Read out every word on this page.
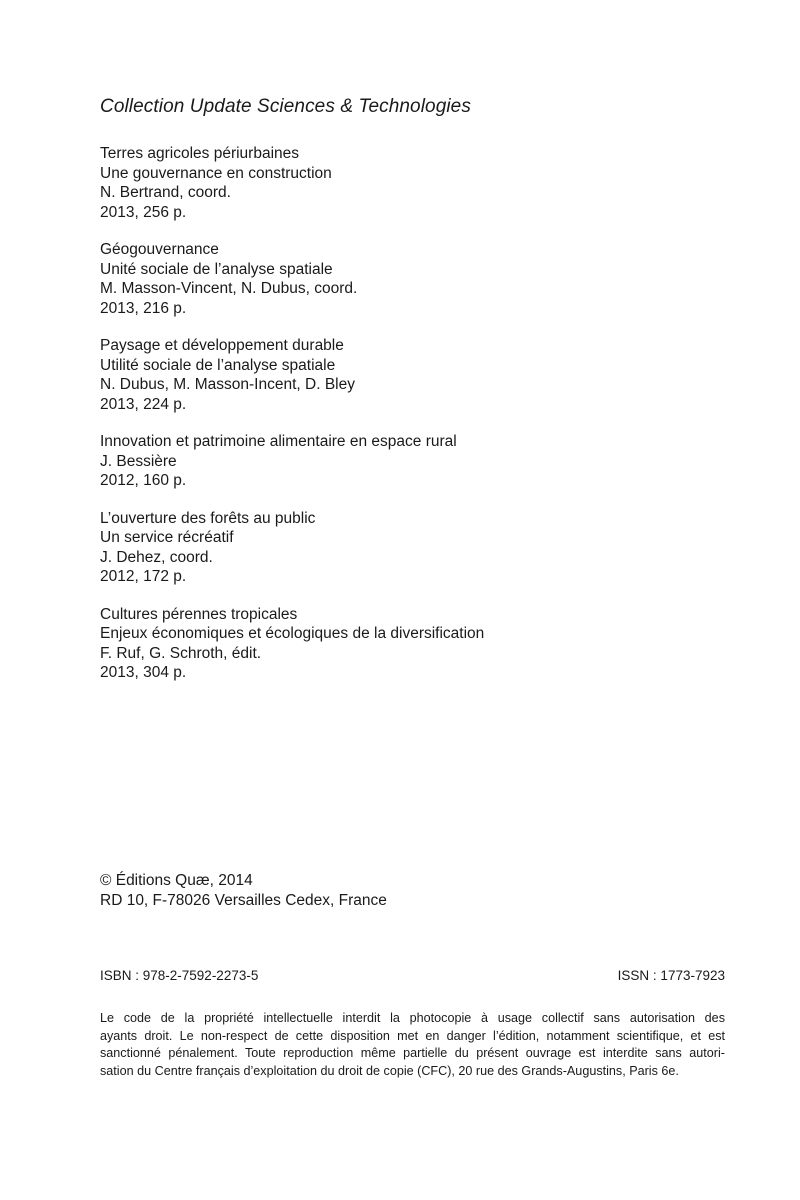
Collection Update Sciences & Technologies
Terres agricoles périurbaines
Une gouvernance en construction
N. Bertrand, coord.
2013, 256 p.
Géogouvernance
Unité sociale de l’analyse spatiale
M. Masson-Vincent, N. Dubus, coord.
2013, 216 p.
Paysage et développement durable
Utilité sociale de l’analyse spatiale
N. Dubus, M. Masson-Incent, D. Bley
2013, 224 p.
Innovation et patrimoine alimentaire en espace rural
J. Bessière
2012, 160 p.
L’ouverture des forêts au public
Un service récréatif
J. Dehez, coord.
2012, 172 p.
Cultures pérennes tropicales
Enjeux économiques et écologiques de la diversification
F. Ruf, G. Schroth, édit.
2013, 304 p.
© Éditions Quæ, 2014
RD 10, F-78026 Versailles Cedex, France
ISBN : 978-2-7592-2273-5	ISSN : 1773-7923
Le code de la propriété intellectuelle interdit la photocopie à usage collectif sans autorisation des
ayants droit. Le non-respect de cette disposition met en danger l’édition, notamment scientifique, et est
sanctionné pénalement. Toute reproduction même partielle du présent ouvrage est interdite sans autori-
sation du Centre français d’exploitation du droit de copie (CFC), 20 rue des Grands-Augustins, Paris 6e.
